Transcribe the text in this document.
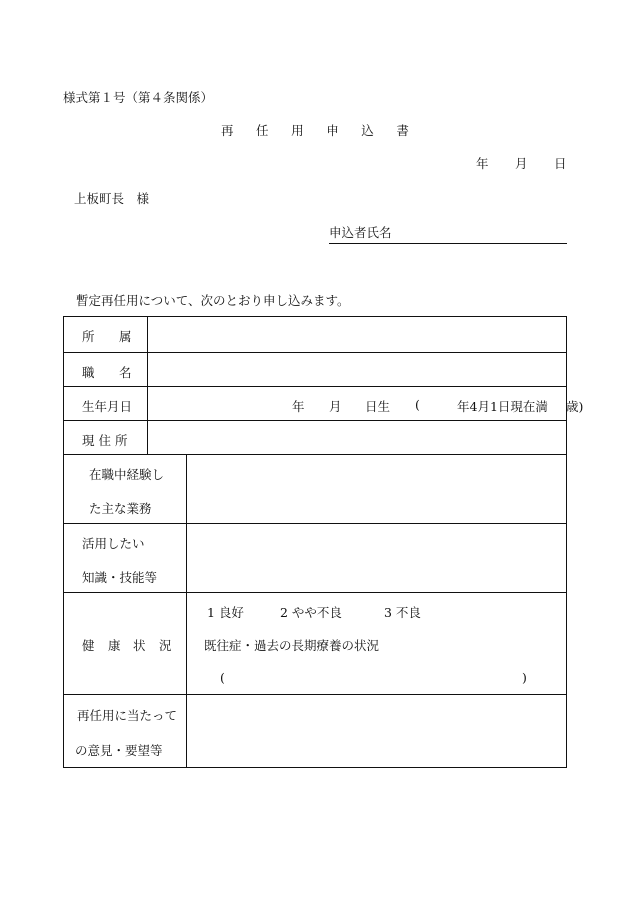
様式第１号（第４条関係）
再 任 用 申 込 書
年 月 日
上板町長　様
申込者氏名
暫定再任用について、次のとおり申し込みます。
所 属
職 名
生年月日	年 月 日生 (	年4月1日現在満 歳)
現 住 所
在職中経験し
た主な業務
活用したい
知識・技能等
健 康 状 況
1 良好	2 やや不良	3 不良
既往症・過去の長期療養の状況
(	)
再任用に当たって
の意見・要望等
